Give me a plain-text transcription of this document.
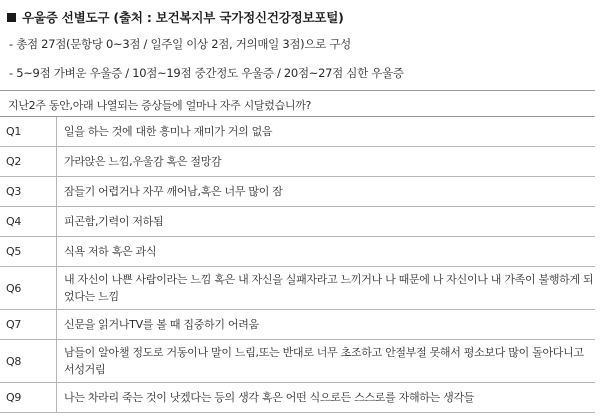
우울증 선별도구 (출처 : 보건복지부 국가정신건강정보포털)
- 총점 27점(문항당 0~3점 / 일주일 이상 2점, 거의매일 3점)으로 구성
- 5~9점 가벼운 우울증 / 10점~19점 중간정도 우울증 / 20점~27점 심한 우울증
지난2주 동안,아래 나열되는 증상들에 얼마나 자주 시달렸습니까?
Q1	일을 하는 것에 대한 흥미나 재미가 거의 없음
Q2	가라앉은 느낌,우울감 혹은 절망감
Q3	잠들기 어렵거나 자꾸 깨어남,혹은 너무 많이 잠
Q4	피곤함,기력이 저하됨
Q5	식욕 저하 혹은 과식
Q6	내 자신이 나쁜 사람이라는 느낌 혹은 내 자신을 실패자라고 느끼거나 나 때문에 나 자신이나 내 가족이 불행하게 되었다는 느낌
Q7	신문을 읽거나TV를 볼 때 집중하기 어려움
Q8	남들이 알아챌 정도로 거동이나 말이 느림,또는 반대로 너무 초조하고 안절부절 못해서 평소보다 많이 돌아다니고 서성거림
Q9	나는 차라리 죽는 것이 낫겠다는 등의 생각 혹은 어떤 식으로든 스스로를 자해하는 생각들
